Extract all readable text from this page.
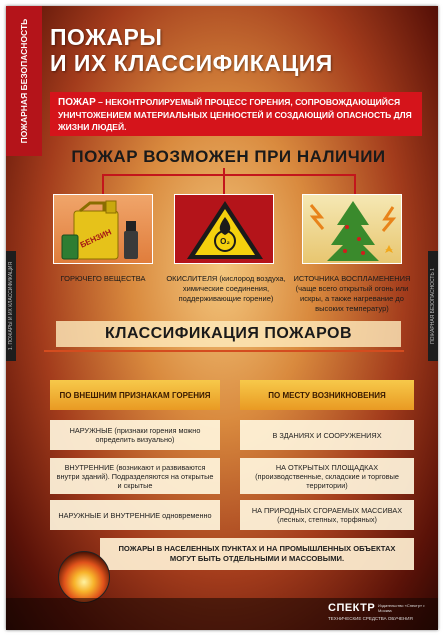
ПОЖАРНАЯ БЕЗОПАСНОСТЬ
1. ПОЖАРЫ И ИХ КЛАССИФИКАЦИЯ	ПОЖАРНАЯ БЕЗОПАСНОСТЬ 1
ПОЖАРЫ
И ИХ КЛАССИФИКАЦИЯ
ПОЖАР – НЕКОНТРОЛИРУЕМЫЙ ПРОЦЕСС ГОРЕНИЯ, СОПРОВОЖДАЮЩИЙСЯ УНИЧТОЖЕНИЕМ МАТЕРИАЛЬНЫХ ЦЕННОСТЕЙ И СОЗДАЮЩИЙ ОПАСНОСТЬ ДЛЯ ЖИЗНИ ЛЮДЕЙ.
ПОЖАР ВОЗМОЖЕН ПРИ НАЛИЧИИ
БЕНЗИН	O₂
ГОРЮЧЕГО ВЕЩЕСТВА	ОКИСЛИТЕЛЯ (кислород воздуха, химические соединения, поддерживающие горение)
ИСТОЧНИКА ВОСПЛАМЕНЕНИЯ (чаще всего открытый огонь или искры, а также нагревание до высоких температур)
КЛАССИФИКАЦИЯ ПОЖАРОВ
ПО ВНЕШНИМ ПРИЗНАКАМ ГОРЕНИЯ	ПО МЕСТУ ВОЗНИКНОВЕНИЯ
НАРУЖНЫЕ (признаки горения можно определить визуально)
ВНУТРЕННИЕ (возникают и развиваются внутри зданий). Подразделяются на открытые и скрытые
НАРУЖНЫЕ И ВНУТРЕННИЕ одновременно
В ЗДАНИЯХ И СООРУЖЕНИЯХ
НА ОТКРЫТЫХ ПЛОЩАДКАХ (производственные, складские и торговые территории)
НА ПРИРОДНЫХ СГОРАЕМЫХ МАССИВАХ (лесных, степных, торфяных)
ПОЖАРЫ В НАСЕЛЕННЫХ ПУНКТАХ И НА ПРОМЫШЛЕННЫХ ОБЪЕКТАХ МОГУТ БЫТЬ ОТДЕЛЬНЫМИ И МАССОВЫМИ.
СПЕКТР
ТЕХНИЧЕСКИЕ СРЕДСТВА ОБУЧЕНИЯ
Издательство «Спектр» г. Москва
